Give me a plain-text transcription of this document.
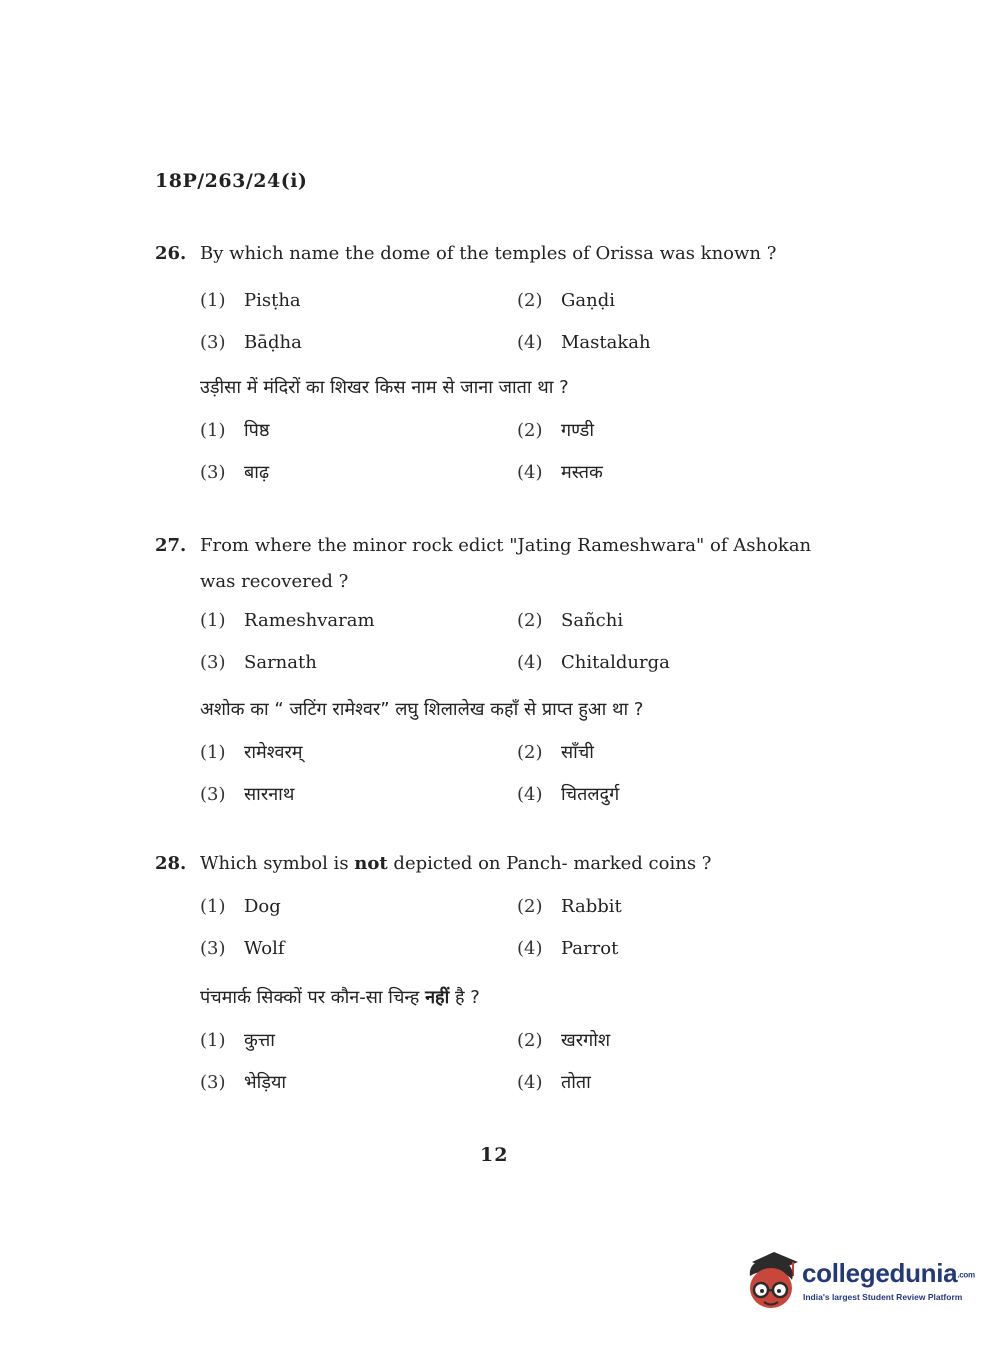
18P/263/24(i)
26. By which name the dome of the temples of Orissa was known ?
(1) Pisṭha	(2) Gaṇḍi
(3) Bāḍha	(4) Mastakah
उड़ीसा में मंदिरों का शिखर किस नाम से जाना जाता था ?
(1) पिष्ठ	(2) गण्डी
(3) बाढ़	(4) मस्तक
27. From where the minor rock edict "Jating Rameshwara" of Ashokan
was recovered ?
(1) Rameshvaram	(2) Sañchi
(3) Sarnath	(4) Chitaldurga
अशोक का “ जटिंग रामेश्वर” लघु शिलालेख कहाँ से प्राप्त हुआ था ?
(1) रामेश्वरम्	(2) साँची
(3) सारनाथ	(4) चितलदुर्ग
28. Which symbol is not depicted on Panch- marked coins ?
(1) Dog	(2) Rabbit
(3) Wolf	(4) Parrot
पंचमार्क सिक्कों पर कौन-सा चिन्ह नहीं है ?
(1) कुत्ता	(2) खरगोश
(3) भेड़िया	(4) तोता
12
collegedunia.com
India's largest Student Review Platform
